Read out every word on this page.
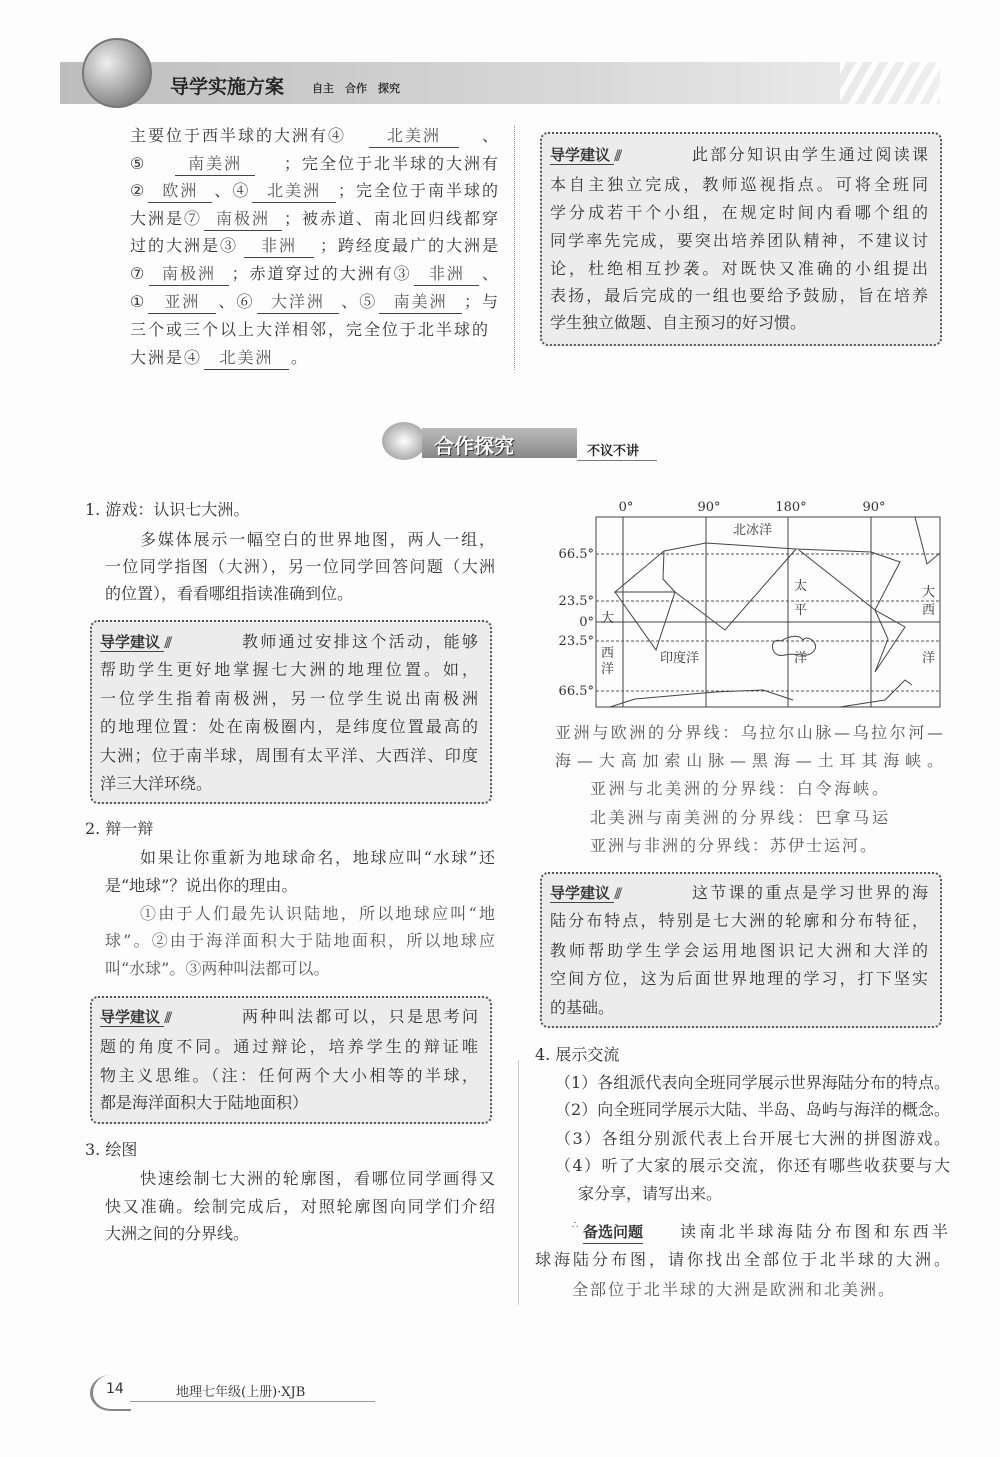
导学实施方案	自主　合作　探究
合作探究	不议不讲
0°	90°	180°	90°
66.5°
23.5°
0°
23.5°
66.5°
北冰洋
印度洋
太
平
洋
大
西
洋
大
西
洋
14	地理七年级(上册)·XJB
主要位于西半球的大洲有④	北美洲	、
⑤	南美洲	；完全位于北半球的大洲有
② 欧洲 、④	北美洲	；完全位于南半球的
大洲是⑦ 南极洲 ；被赤道、南北回归线都穿
过的大洲是③	非洲	；跨经度最广的大洲是
⑦ 南极洲 ；赤道穿过的大洲有③	非洲	、
①	亚洲	、⑥	大洋洲	、⑤	南美洲	；与
三个或三个以上大洋相邻，完全位于北半球的
大洲是④	北美洲	。
导学建议 ///	此部分知识由学生通过阅读课
本自主独立完成，教师巡视指点。可将全班同
学分成若干个小组，在规定时间内看哪个组的
同学率先完成，要突出培养团队精神，不建议讨
论，杜绝相互抄袭。对既快又准确的小组提出
表扬，最后完成的一组也要给予鼓励，旨在培养
学生独立做题、自主预习的好习惯。
导学建议 ///	教师通过安排这个活动，能够
帮助学生更好地掌握七大洲的地理位置。如，
一位学生指着南极洲，另一位学生说出南极洲
的地理位置：处在南极圈内，是纬度位置最高的
大洲；位于南半球，周围有太平洋、大西洋、印度
洋三大洋环绕。
导学建议 ///	两种叫法都可以，只是思考问
题的角度不同。通过辩论，培养学生的辩证唯
物主义思维。（注：任何两个大小相等的半球，
都是海洋面积大于陆地面积）
导学建议 ///	这节课的重点是学习世界的海
陆分布特点，特别是七大洲的轮廓和分布特征，
教师帮助学生学会运用地图识记大洲和大洋的
空间方位，这为后面世界地理的学习，打下坚实
的基础。
1. 游戏：认识七大洲。
多媒体展示一幅空白的世界地图，两人一组，
一位同学指图（大洲），另一位同学回答问题（大洲
的位置），看看哪组指读准确到位。
2. 辩一辩
如果让你重新为地球命名，地球应叫“水球”还
是“地球”？说出你的理由。
①由于人们最先认识陆地，所以地球应叫“地
球”。②由于海洋面积大于陆地面积，所以地球应
叫“水球”。③两种叫法都可以。
3. 绘图
快速绘制七大洲的轮廓图，看哪位同学画得又
快又准确。绘制完成后，对照轮廓图向同学们介绍
大洲之间的分界线。
亚洲与欧洲的分界线：乌拉尔山脉—乌拉尔河—
海—大高加索山脉—黑海—土耳其海峡。
亚洲与北美洲的分界线：白令海峡。
北美洲与南美洲的分界线：巴拿马运
亚洲与非洲的分界线：苏伊士运河。
4. 展示交流
（1）各组派代表向全班同学展示世界海陆分布的特点。
（2）向全班同学展示大陆、半岛、岛屿与海洋的概念。
（3）各组分别派代表上台开展七大洲的拼图游戏。
（4）听了大家的展示交流，你还有哪些收获要与大
家分享，请写出来。
备选问题
∴	读南北半球海陆分布图和东西半
球海陆分布图，请你找出全部位于北半球的大洲。
全部位于北半球的大洲是欧洲和北美洲。
